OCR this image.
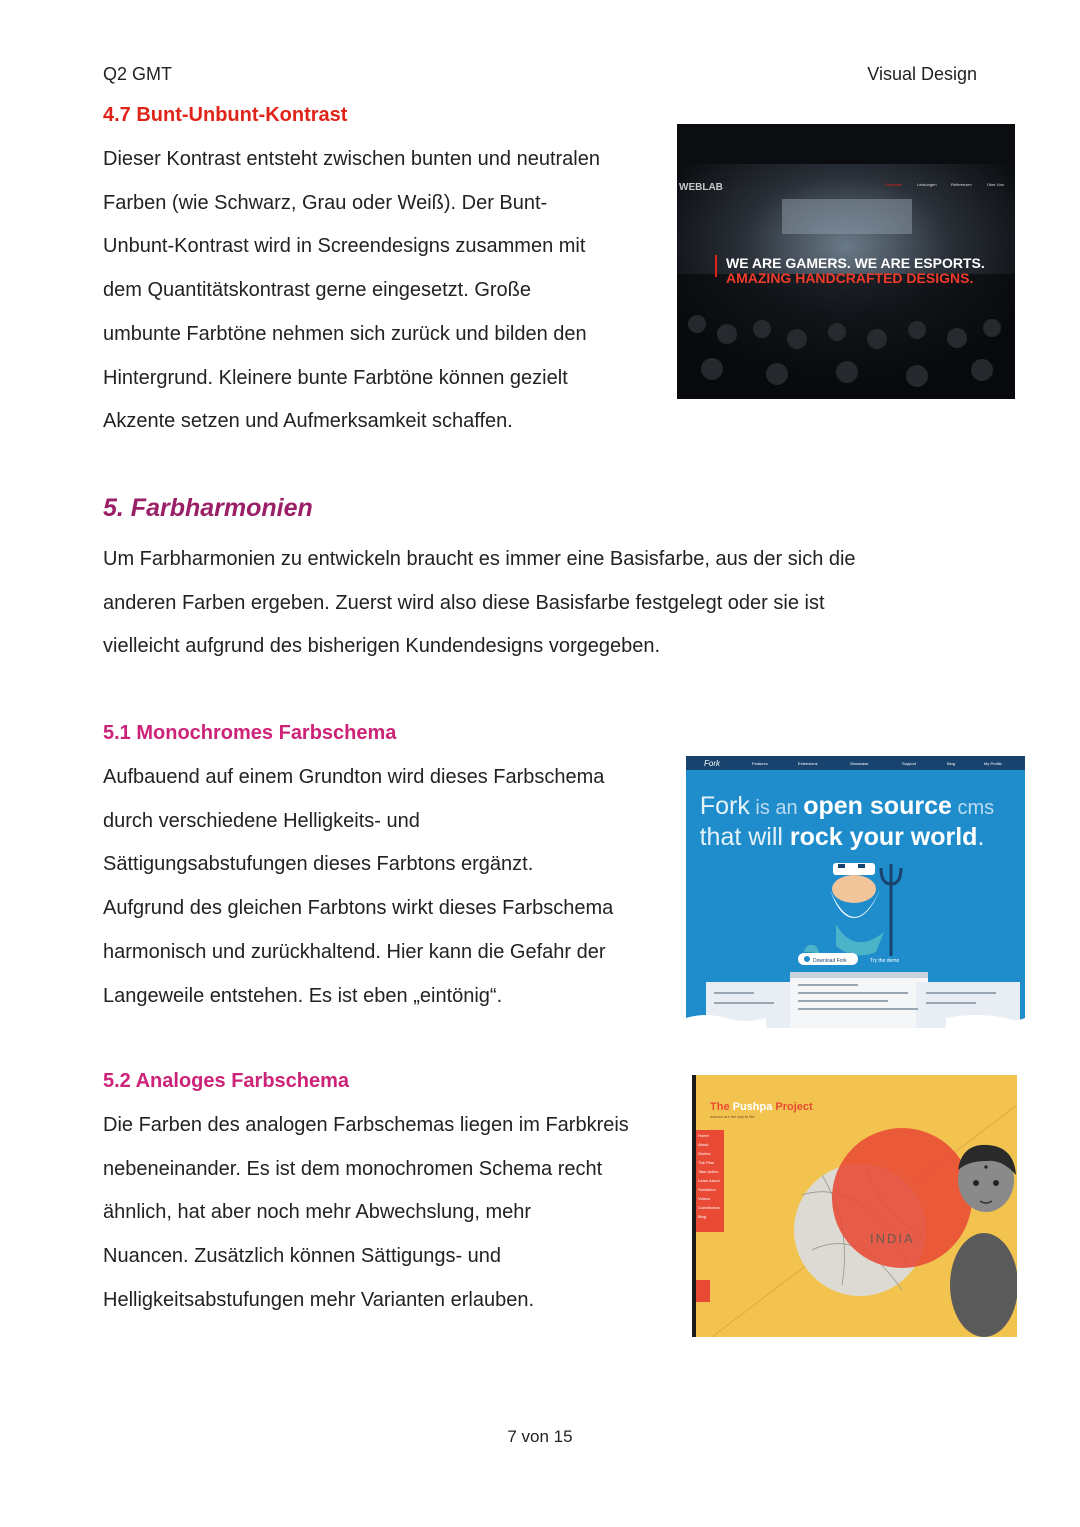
Q2 GMT	Visual Design
4.7 Bunt-Unbunt-Kontrast

Dieser Kontrast entsteht zwischen bunten und neutralen

Farben (wie Schwarz, Grau oder Weiß). Der Bunt-

Unbunt-Kontrast wird in Screendesigns zusammen mit

dem Quantitätskontrast gerne eingesetzt. Große

umbunte Farbtöne nehmen sich zurück und bilden den

Hintergrund. Kleinere bunte Farbtöne können gezielt

Akzente setzen und Aufmerksamkeit schaffen.

WEBLAB	Startseite	Leistungen	Referenzen	Über Uns
WE ARE GAMERS. WE ARE ESPORTS.
AMAZING HANDCRAFTED DESIGNS.
5. Farbharmonien

Um Farbharmonien zu entwickeln braucht es immer eine Basisfarbe, aus der sich die

anderen Farben ergeben. Zuerst wird also diese Basisfarbe festgelegt oder sie ist

vielleicht aufgrund des bisherigen Kundendesigns vorgegeben.

5.1 Monochromes Farbschema

Aufbauend auf einem Grundton wird dieses Farbschema

durch verschiedene Helligkeits- und

Sättigungsabstufungen dieses Farbtons ergänzt.

Aufgrund des gleichen Farbtons wirkt dieses Farbschema

harmonisch und zurückhaltend. Hier kann die Gefahr der

Langeweile entstehen. Es ist eben „eintönig“.

Fork	Features	Extensions	Showcase	Support	Blog	My Profile
Fork is an open source cms
that will rock your world.
Download Fork	Try the demo
5.2 Analoges Farbschema

Die Farben des analogen Farbschemas liegen im Farbkreis

nebeneinander. Es ist dem monochromen Schema recht

ähnlich, hat aber noch mehr Abwechslung, mehr

Nuancen. Zusätzlich können Sättigungs- und

Helligkeitsabstufungen mehr Varianten erlauben.

INDIA
The Pushpa Project
women are the key to life.
Home
About
Stories
The Plan
Take Action
Learn About
Sanitation
Videos
Contributors
Blog
7 von 15
